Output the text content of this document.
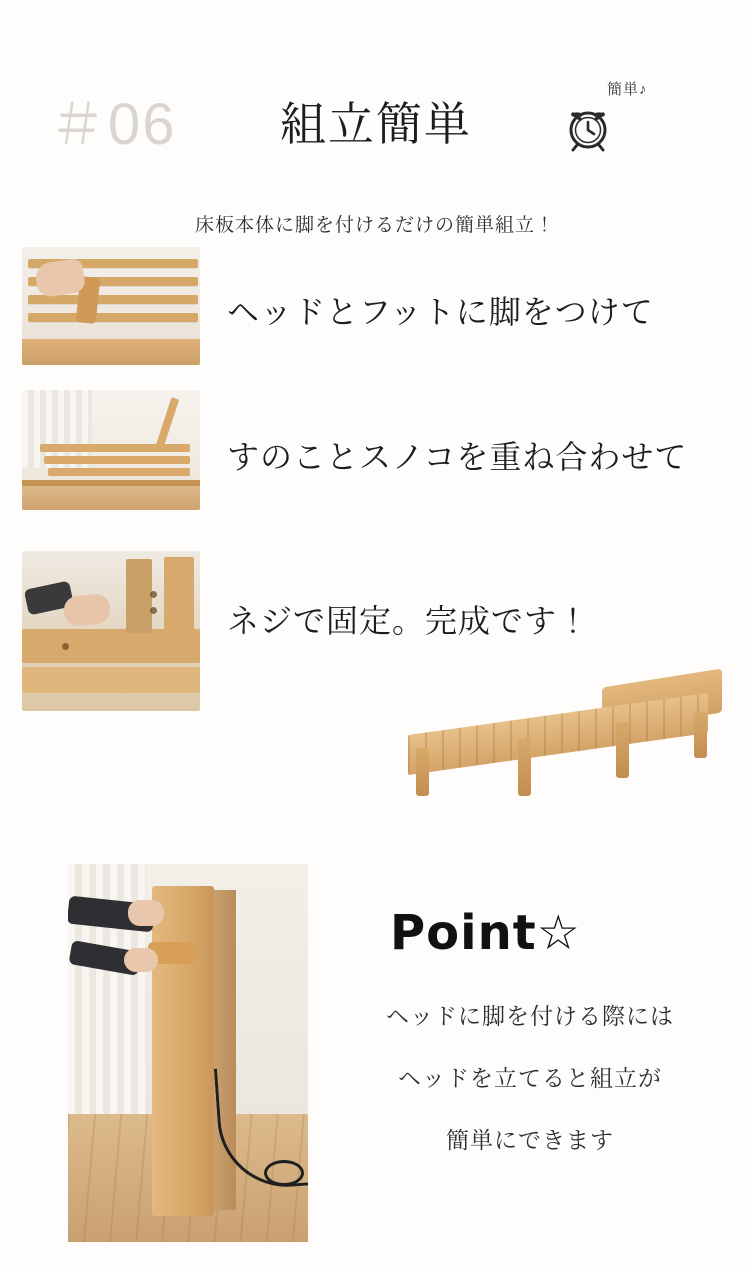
＃06 組立簡単
簡単♪
床板本体に脚を付けるだけの簡単組立！
ヘッドとフットに脚をつけて
すのことスノコを重ね合わせて
ネジで固定。完成です！
Point☆
ヘッドに脚を付ける際には
ヘッドを立てると組立が
簡単にできます
